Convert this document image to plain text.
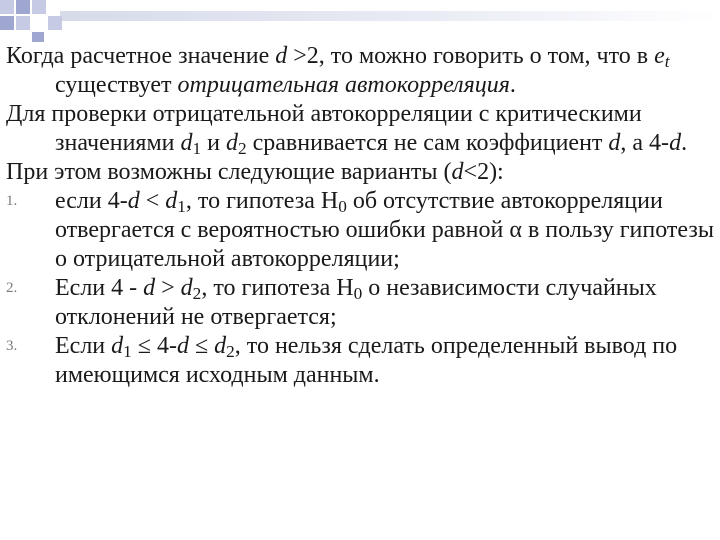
Когда расчетное значение d >2, то можно говорить о том, что в $e_t$ существует отрицательная автокорреляция.

Для проверки отрицательной автокорреляции с критическими значениями $d_1$ и $d_2$ сравнивается не сам коэффициент d, а 4-d.

При этом возможны следующие варианты (d<2):

1. если $4-d < d_1$, то гипотеза $Н_0$ об отсутствие автокорреляции отвергается с вероятностью ошибки равной α в пользу гипотезы о отрицательной автокорреляции;
2. Если $4 - d > d_2$, то гипотеза $Н_0$ о независимости случайных отклонений не отвергается;
3. Если $d_1 \le 4-d \le d_2$, то нельзя сделать определенный вывод по имеющимся исходным данным.
